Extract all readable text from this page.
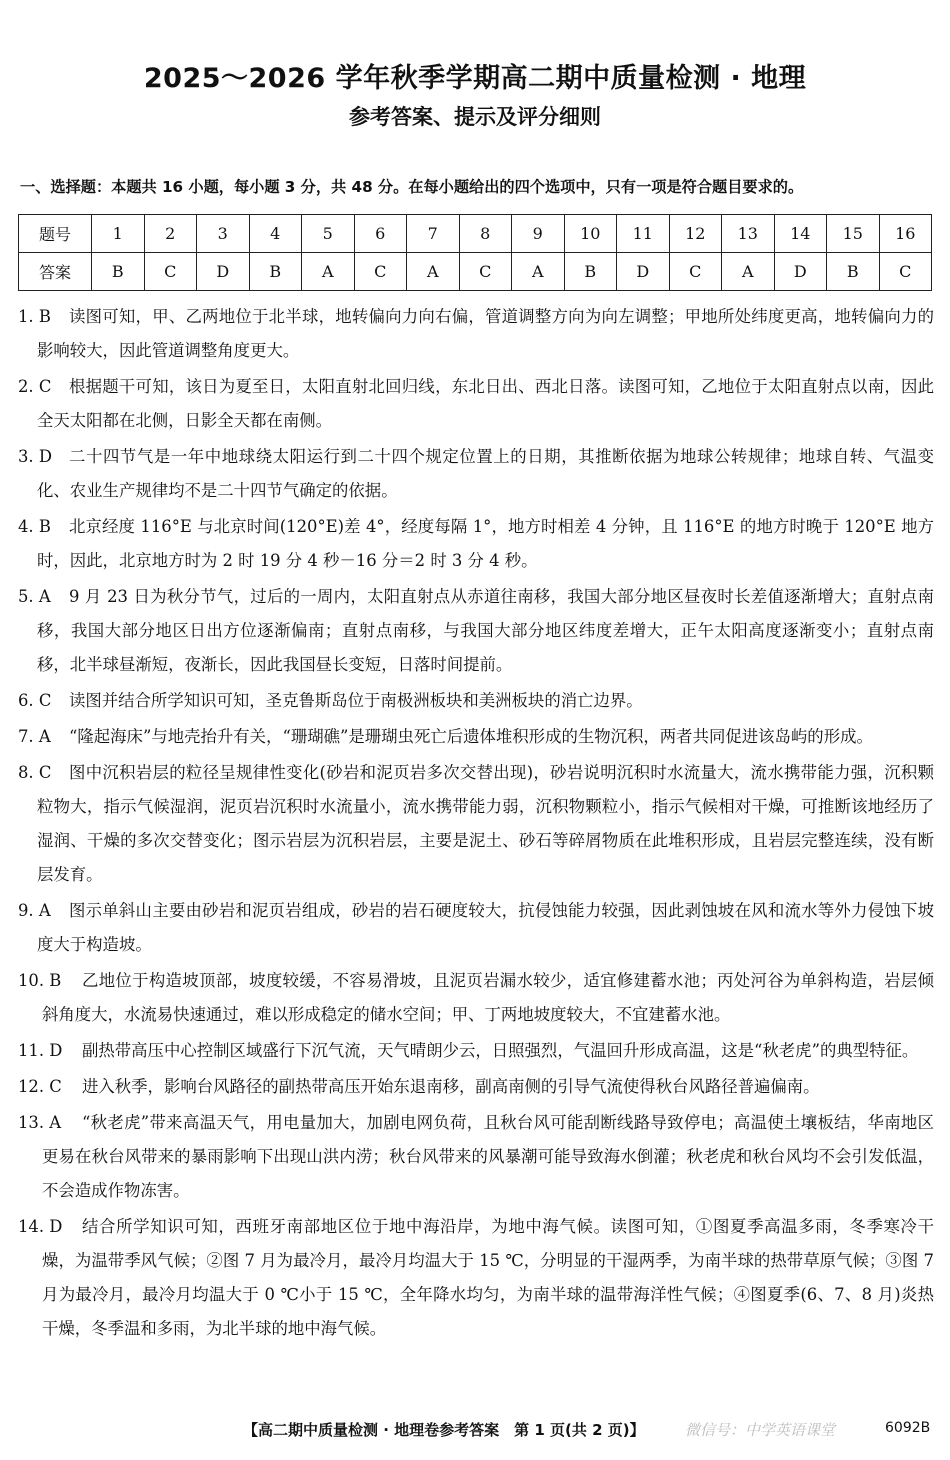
2025～2026 学年秋季学期高二期中质量检测 · 地理
参考答案、提示及评分细则
一、选择题：本题共 16 小题，每小题 3 分，共 48 分。在每小题给出的四个选项中，只有一项是符合题目要求的。
题号	1	2	3	4	5	6	7	8	9	10	11	12	13	14	15	16
答案	B	C	D	B	A	C	A	C	A	B	D	C	A	D	B	C
1. B	读图可知，甲、乙两地位于北半球，地转偏向力向右偏，管道调整方向为向左调整；甲地所处纬度更高，地转偏向力的影响较大，因此管道调整角度更大。
2. C	根据题干可知，该日为夏至日，太阳直射北回归线，东北日出、西北日落。读图可知，乙地位于太阳直射点以南，因此全天太阳都在北侧，日影全天都在南侧。
3. D	二十四节气是一年中地球绕太阳运行到二十四个规定位置上的日期，其推断依据为地球公转规律；地球自转、气温变化、农业生产规律均不是二十四节气确定的依据。
4. B	北京经度 116°E 与北京时间(120°E)差 4°，经度每隔 1°，地方时相差 4 分钟，且 116°E 的地方时晚于 120°E 地方时，因此，北京地方时为 2 时 19 分 4 秒－16 分＝2 时 3 分 4 秒。
5. A	9 月 23 日为秋分节气，过后的一周内，太阳直射点从赤道往南移，我国大部分地区昼夜时长差值逐渐增大；直射点南移，我国大部分地区日出方位逐渐偏南；直射点南移，与我国大部分地区纬度差增大，正午太阳高度逐渐变小；直射点南移，北半球昼渐短，夜渐长，因此我国昼长变短，日落时间提前。
6. C	读图并结合所学知识可知，圣克鲁斯岛位于南极洲板块和美洲板块的消亡边界。
7. A	“隆起海床”与地壳抬升有关，“珊瑚礁”是珊瑚虫死亡后遗体堆积形成的生物沉积，两者共同促进该岛屿的形成。
8. C	图中沉积岩层的粒径呈规律性变化(砂岩和泥页岩多次交替出现)，砂岩说明沉积时水流量大，流水携带能力强，沉积颗粒物大，指示气候湿润，泥页岩沉积时水流量小，流水携带能力弱，沉积物颗粒小，指示气候相对干燥，可推断该地经历了湿润、干燥的多次交替变化；图示岩层为沉积岩层，主要是泥土、砂石等碎屑物质在此堆积形成，且岩层完整连续，没有断层发育。
9. A	图示单斜山主要由砂岩和泥页岩组成，砂岩的岩石硬度较大，抗侵蚀能力较强，因此剥蚀坡在风和流水等外力侵蚀下坡度大于构造坡。
10. B	乙地位于构造坡顶部，坡度较缓，不容易滑坡，且泥页岩漏水较少，适宜修建蓄水池；丙处河谷为单斜构造，岩层倾斜角度大，水流易快速通过，难以形成稳定的储水空间；甲、丁两地坡度较大，不宜建蓄水池。
11. D	副热带高压中心控制区域盛行下沉气流，天气晴朗少云，日照强烈，气温回升形成高温，这是“秋老虎”的典型特征。
12. C	进入秋季，影响台风路径的副热带高压开始东退南移，副高南侧的引导气流使得秋台风路径普遍偏南。
13. A	“秋老虎”带来高温天气，用电量加大，加剧电网负荷，且秋台风可能刮断线路导致停电；高温使土壤板结，华南地区更易在秋台风带来的暴雨影响下出现山洪内涝；秋台风带来的风暴潮可能导致海水倒灌；秋老虎和秋台风均不会引发低温，不会造成作物冻害。
14. D	结合所学知识可知，西班牙南部地区位于地中海沿岸，为地中海气候。读图可知，①图夏季高温多雨，冬季寒冷干燥，为温带季风气候；②图 7 月为最冷月，最冷月均温大于 15 ℃，分明显的干湿两季，为南半球的热带草原气候；③图 7 月为最冷月，最冷月均温大于 0 ℃小于 15 ℃，全年降水均匀，为南半球的温带海洋性气候；④图夏季(6、7、8 月)炎热干燥，冬季温和多雨，为北半球的地中海气候。
【高二期中质量检测 · 地理卷参考答案　第 1 页(共 2 页)】	微信号：中学英语课堂	6092B
